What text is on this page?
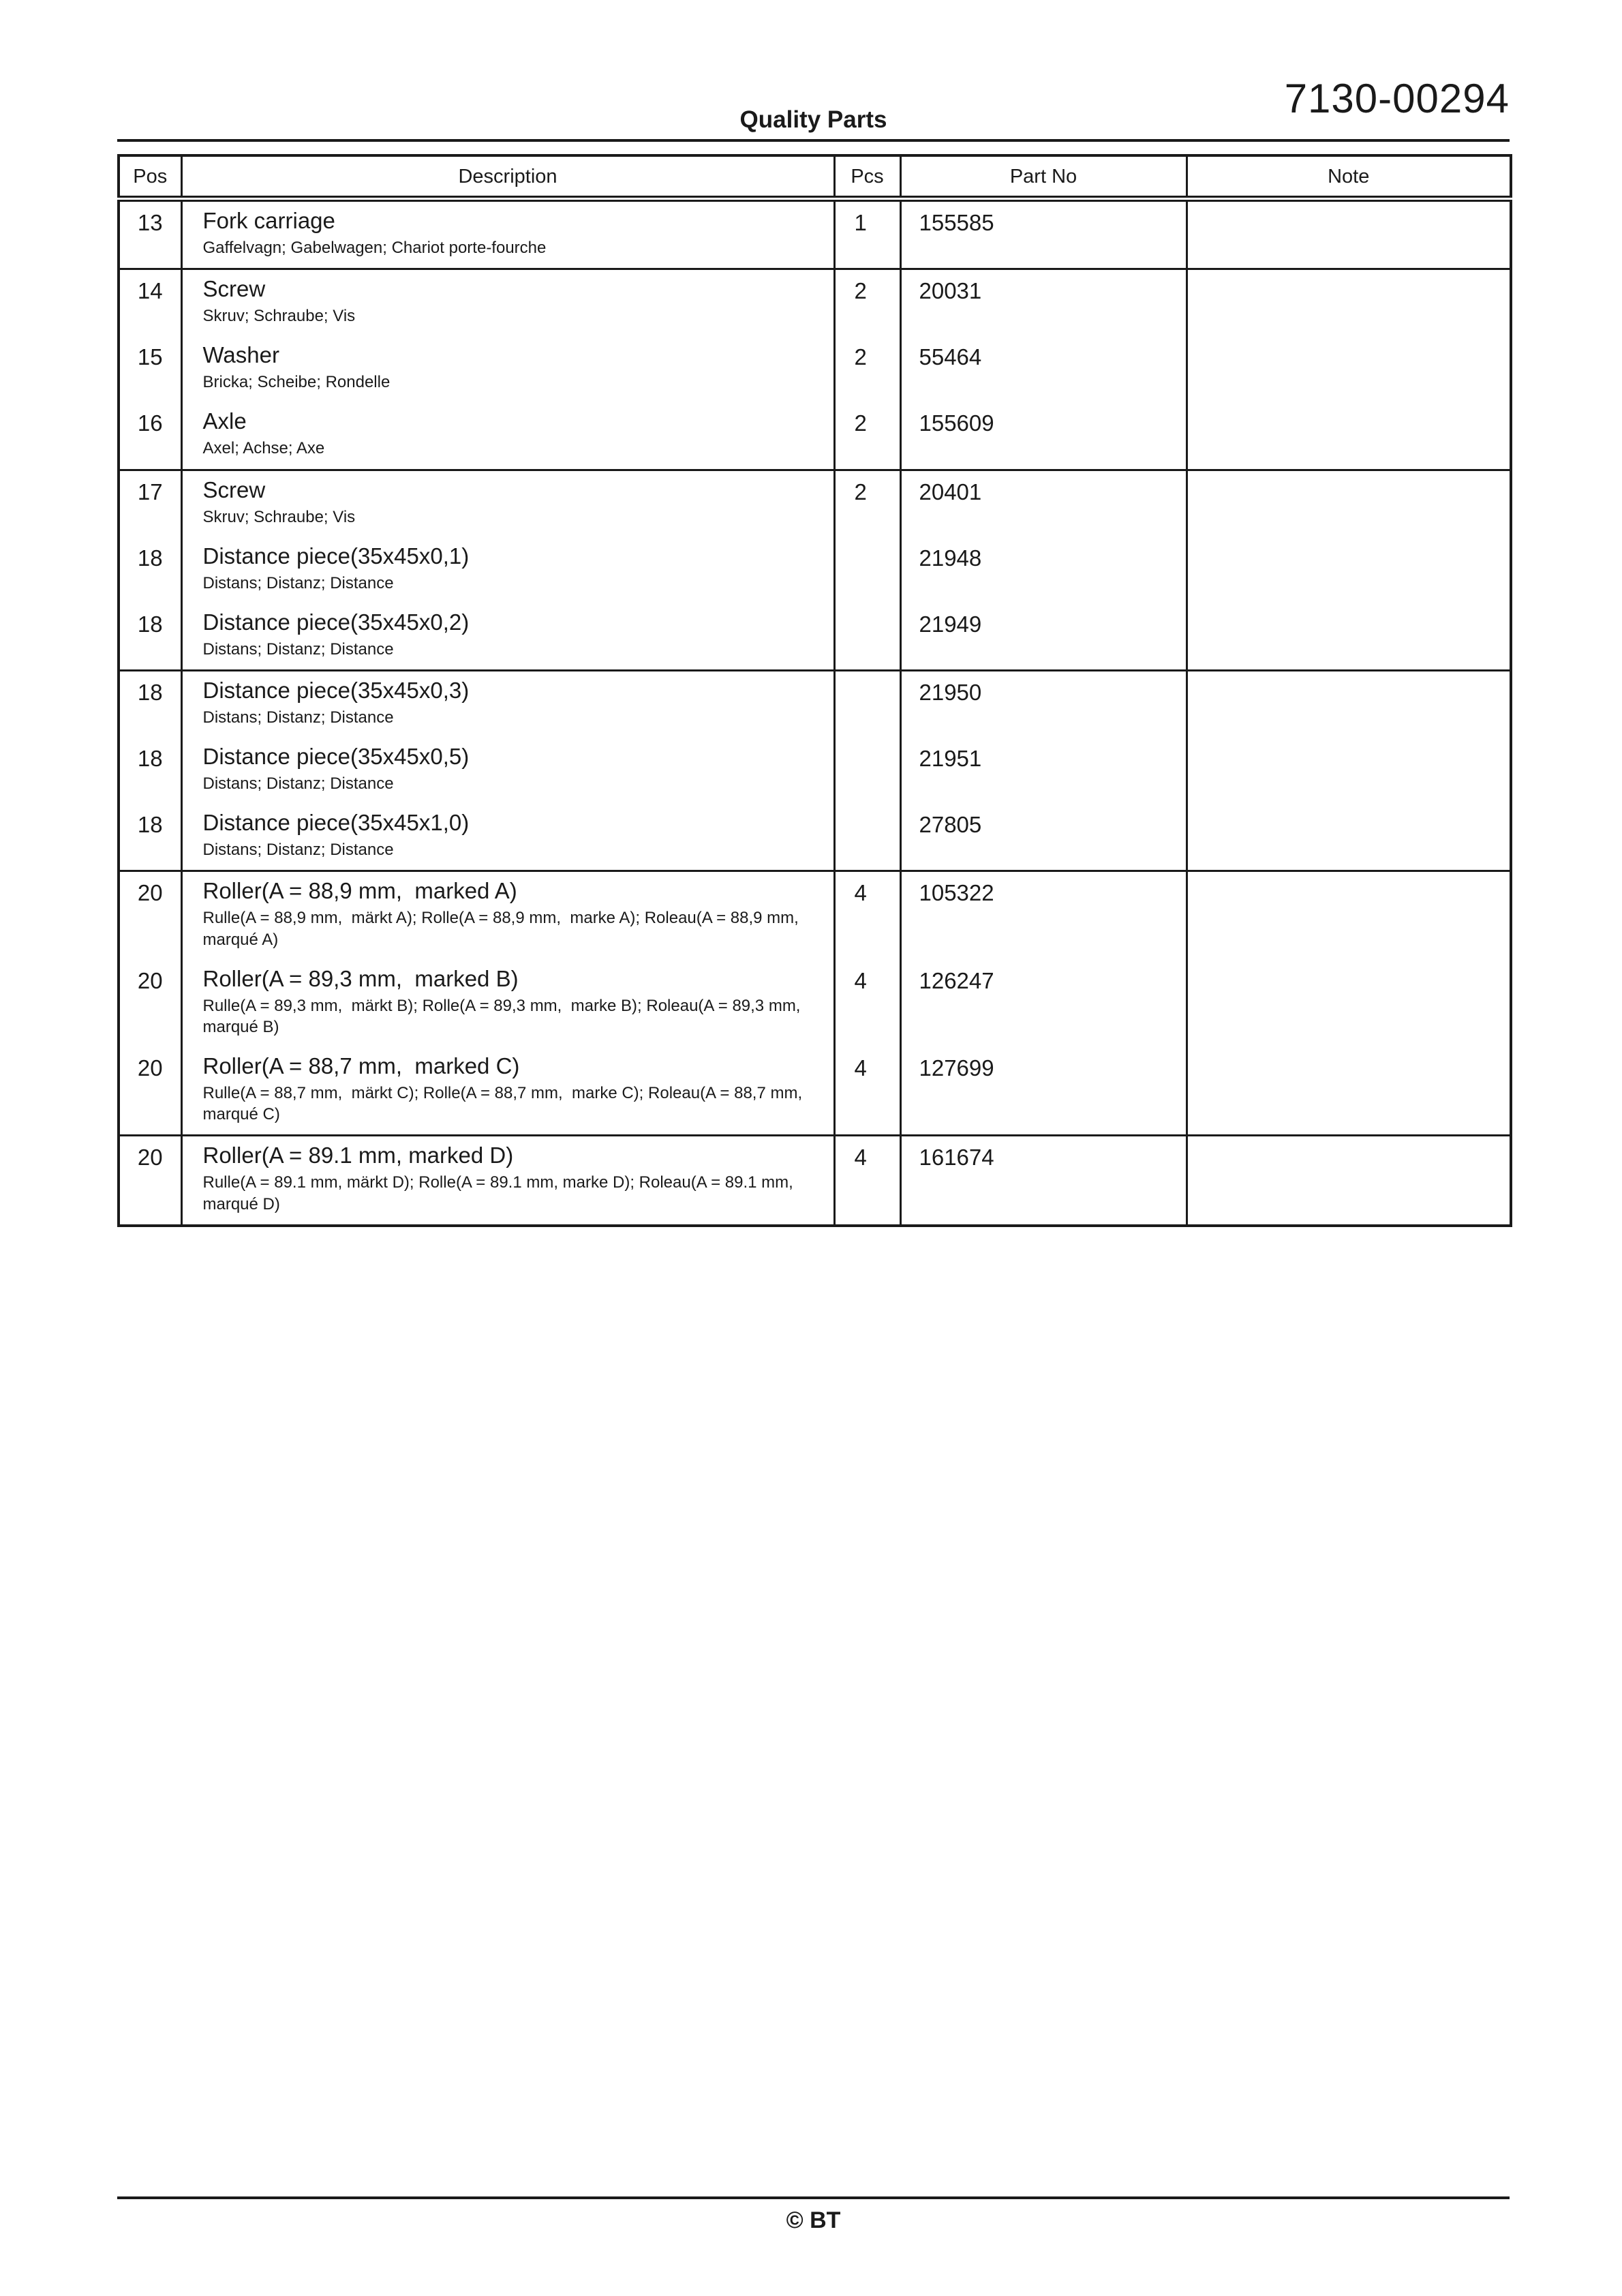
7130-00294
Quality Parts
Pos	Description	Pcs	Part No	Note
13	Fork carriage
Gaffelvagn; Gabelwagen; Chariot porte-fourche	1	155585	
14	Screw
Skruv; Schraube; Vis	2	20031	
15	Washer
Bricka; Scheibe; Rondelle	2	55464	
16	Axle
Axel; Achse; Axe	2	155609	
17	Screw
Skruv; Schraube; Vis	2	20401	
18	Distance piece(35x45x0,1)
Distans; Distanz; Distance		21948	
18	Distance piece(35x45x0,2)
Distans; Distanz; Distance		21949	
18	Distance piece(35x45x0,3)
Distans; Distanz; Distance		21950	
18	Distance piece(35x45x0,5)
Distans; Distanz; Distance		21951	
18	Distance piece(35x45x1,0)
Distans; Distanz; Distance		27805	
20	Roller(A = 88,9 mm,  marked A)
Rulle(A = 88,9 mm,  märkt A); Rolle(A = 88,9 mm,  marke A); Roleau(A = 88,9 mm,  marqué A)	4	105322	
20	Roller(A = 89,3 mm,  marked B)
Rulle(A = 89,3 mm,  märkt B); Rolle(A = 89,3 mm,  marke B); Roleau(A = 89,3 mm,  marqué B)	4	126247	
20	Roller(A = 88,7 mm,  marked C)
Rulle(A = 88,7 mm,  märkt C); Rolle(A = 88,7 mm,  marke C); Roleau(A = 88,7 mm,  marqué C)	4	127699	
20	Roller(A = 89.1 mm, marked D)
Rulle(A = 89.1 mm, märkt D); Rolle(A = 89.1 mm, marke D); Roleau(A = 89.1 mm, marqué D)	4	161674	
© BT
